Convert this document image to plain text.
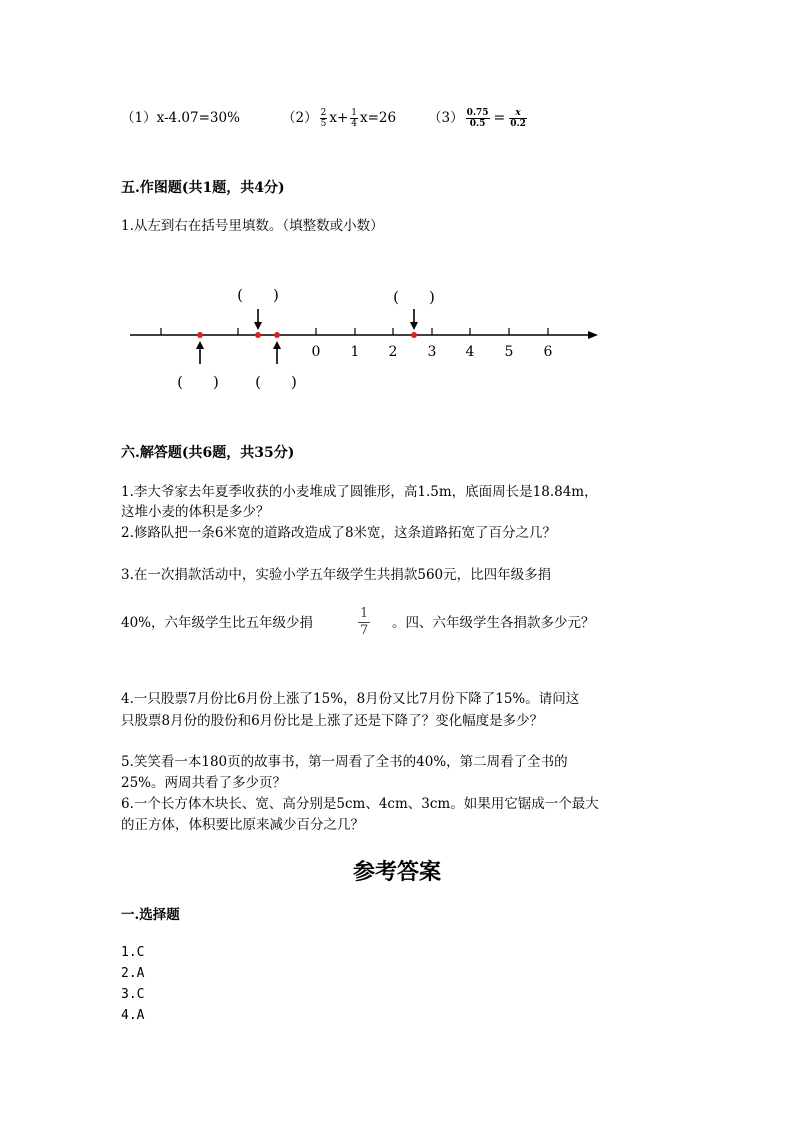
（1）x-4.07=30%	$(2) \frac{2}{5} x+ \frac{1}{4} x=26$ $(3) \frac{0.75}{0.5} = \frac{x}{0.2}$
五.作图题(共1题，共4分)
1.从左到右在括号里填数。（填整数或小数）
0 1 2 3 4 5 6
(　　)	(　　)
(　　) (　　)
六.解答题(共6题，共35分)
1.李大爷家去年夏季收获的小麦堆成了圆锥形，高1.5m，底面周长是18.84m，
这堆小麦的体积是多少？
2.修路队把一条6米宽的道路改造成了8米宽，这条道路拓宽了百分之几？
3.在一次捐款活动中，实验小学五年级学生共捐款560元，比四年级多捐
40%，六年级学生比五年级少捐	$\frac{1}{7}$ 。四、六年级学生各捐款多少元？
4.一只股票7月份比6月份上涨了15%，8月份又比7月份下降了15%。请问这
只股票8月份的股份和6月份比是上涨了还是下降了？变化幅度是多少？
5.笑笑看一本180页的故事书，第一周看了全书的40%，第二周看了全书的
25%。两周共看了多少页？
6.一个长方体木块长、宽、高分别是5cm、4cm、3cm。如果用它锯成一个最大
的正方体，体积要比原来减少百分之几？
参考答案
一.选择题
1.C
2.A
3.C
4.A
